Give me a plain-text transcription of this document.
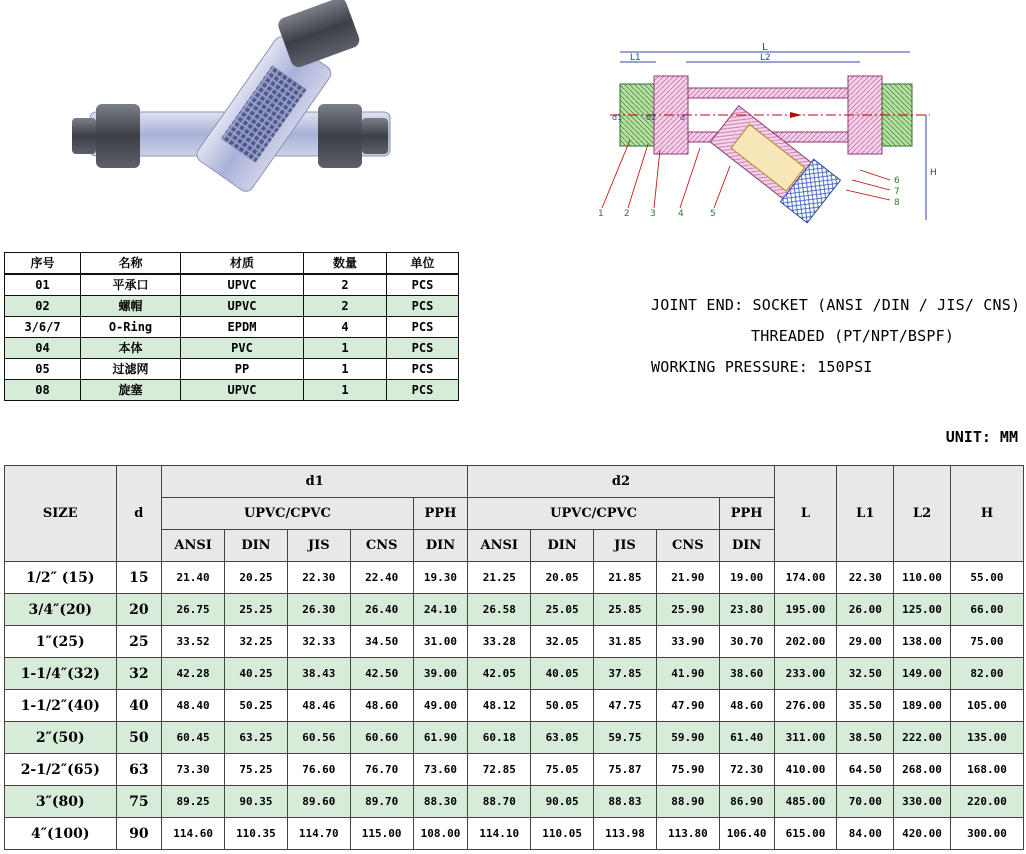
L
L1	L2
H
d1	d2	d
1 2 3 4	5
6
7
8
序号	名称	材质	数量	单位
01	平承口	UPVC	2	PCS
02	螺帽	UPVC	2	PCS
3/6/7	O-Ring	EPDM	4	PCS
04	本体	PVC	1	PCS
05	过滤网	PP	1	PCS
08	旋塞	UPVC	1	PCS
JOINT END: SOCKET (ANSI /DIN / JIS/ CNS)
THREADED (PT/NPT/BSPF)
WORKING PRESSURE: 150PSI
UNIT: MM
SIZE	d	d1					d2					L	L1	L2	H
		UPVC/CPVC				PPH	UPVC/CPVC				PPH				
		ANSI	DIN	JIS	CNS	DIN	ANSI	DIN	JIS	CNS	DIN				
1/2″ (15)	15	21.40	20.25	22.30	22.40	19.30	21.25	20.05	21.85	21.90	19.00	174.00	22.30	110.00	55.00
3/4″(20)	20	26.75	25.25	26.30	26.40	24.10	26.58	25.05	25.85	25.90	23.80	195.00	26.00	125.00	66.00
1″(25)	25	33.52	32.25	32.33	34.50	31.00	33.28	32.05	31.85	33.90	30.70	202.00	29.00	138.00	75.00
1-1/4″(32)	32	42.28	40.25	38.43	42.50	39.00	42.05	40.05	37.85	41.90	38.60	233.00	32.50	149.00	82.00
1-1/2″(40)	40	48.40	50.25	48.46	48.60	49.00	48.12	50.05	47.75	47.90	48.60	276.00	35.50	189.00	105.00
2″(50)	50	60.45	63.25	60.56	60.60	61.90	60.18	63.05	59.75	59.90	61.40	311.00	38.50	222.00	135.00
2-1/2″(65)	63	73.30	75.25	76.60	76.70	73.60	72.85	75.05	75.87	75.90	72.30	410.00	64.50	268.00	168.00
3″(80)	75	89.25	90.35	89.60	89.70	88.30	88.70	90.05	88.83	88.90	86.90	485.00	70.00	330.00	220.00
4″(100)	90	114.60	110.35	114.70	115.00	108.00	114.10	110.05	113.98	113.80	106.40	615.00	84.00	420.00	300.00
